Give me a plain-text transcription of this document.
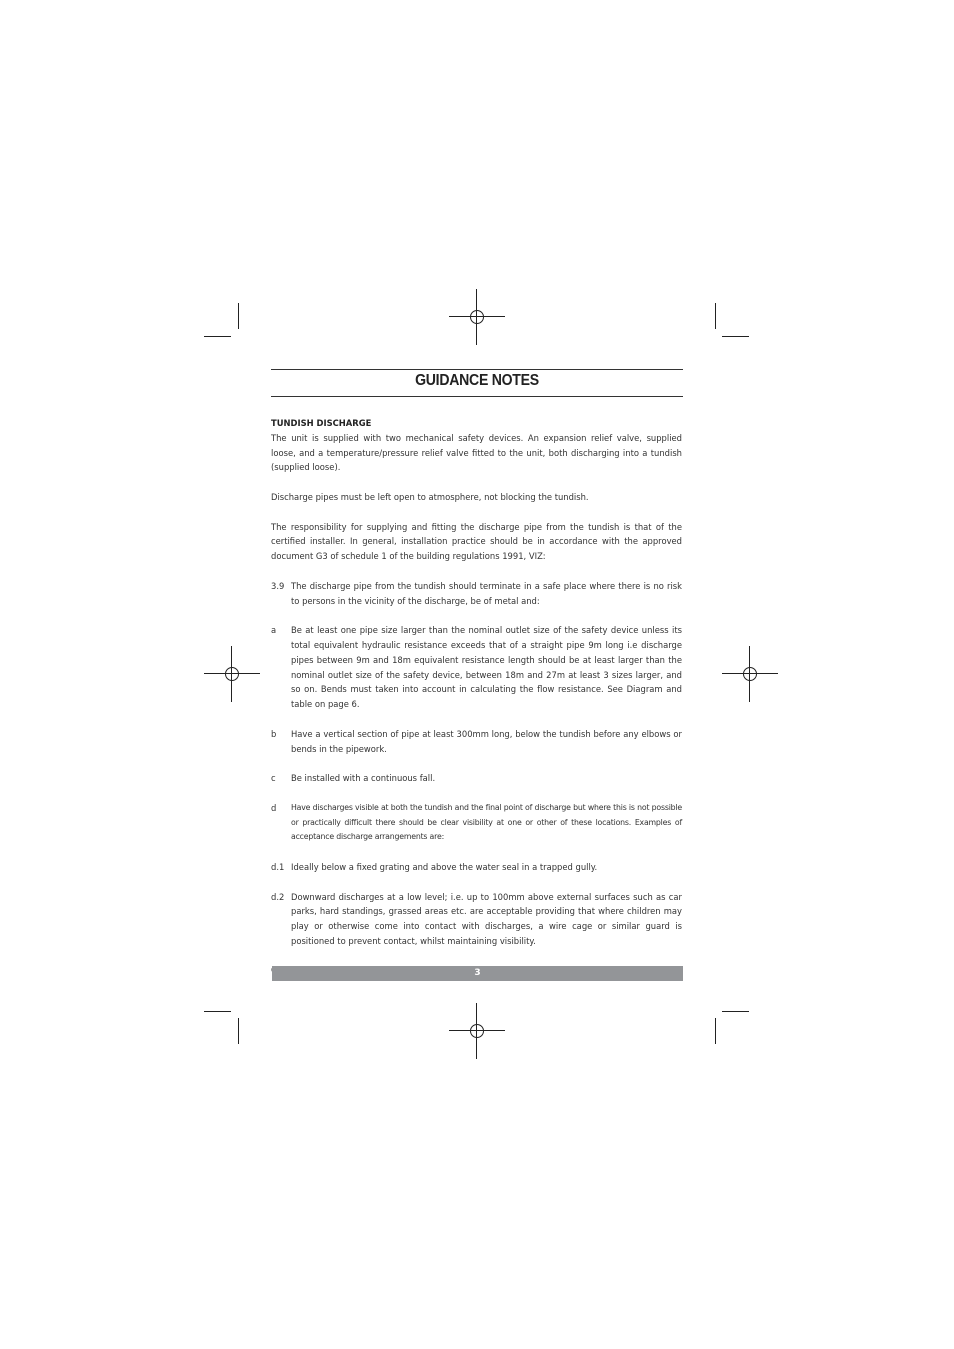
GUIDANCE NOTES
TUNDISH DISCHARGE

The unit is supplied with two mechanical safety devices. An expansion relief valve, supplied loose, and a temperature/pressure relief valve fitted to the unit, both discharging into a tundish (supplied loose).

Discharge pipes must be left open to atmosphere, not blocking the tundish.

The responsibility for supplying and fitting the discharge pipe from the tundish is that of the certified installer. In general, installation practice should be in accordance with the approved document G3 of schedule 1 of the building regulations 1991, VIZ:

3.9 The discharge pipe from the tundish should terminate in a safe place where there is no risk to persons in the vicinity of the discharge, be of metal and:
a	Be at least one pipe size larger than the nominal outlet size of the safety device unless its total equivalent hydraulic resistance exceeds that of a straight pipe 9m long i.e discharge pipes between 9m and 18m equivalent resistance length should be at least larger than the nominal outlet size of the safety device, between 18m and 27m at least 3 sizes larger, and so on. Bends must taken into account in calculating the flow resistance. See Diagram and table on page 6.
b	Have a vertical section of pipe at least 300mm long, below the tundish before any elbows or bends in the pipework.
c	Be installed with a continuous fall.
d	Have discharges visible at both the tundish and the final point of discharge but where this is not possible or practically difficult there should be clear visibility at one or other of these locations. Examples of acceptance discharge arrangements are:
d.1 Ideally below a fixed grating and above the water seal in a trapped gully.
d.2 Downward discharges at a low level; i.e. up to 100mm above external surfaces such as car parks, hard standings, grassed areas etc. are acceptable providing that where children may play or otherwise come into contact with discharges, a wire cage or similar guard is positioned to prevent contact, whilst maintaining visibility.

3
